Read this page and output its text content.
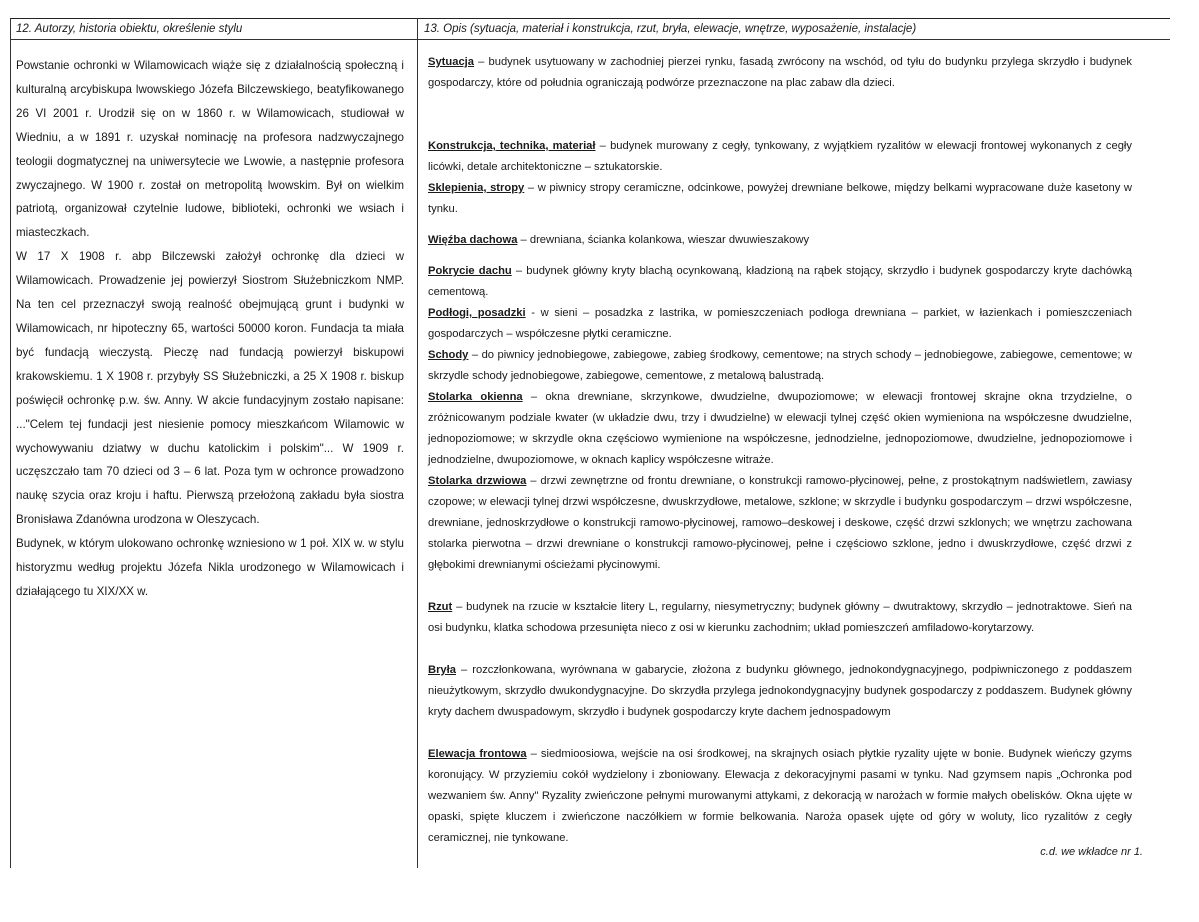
12. Autorzy, historia obiektu, określenie stylu	13. Opis (sytuacja, materiał i konstrukcja, rzut, bryła, elewacje, wnętrze, wyposażenie, instalacje)

Powstanie ochronki w Wilamowicach wiąże się z działalnością społeczną i kulturalną arcybiskupa lwowskiego Józefa Bilczewskiego, beatyfikowanego 26 VI 2001 r. Urodził się on w 1860 r. w Wilamowicach, studiował w Wiedniu, a w 1891 r. uzyskał nominację na profesora nadzwyczajnego teologii dogmatycznej na uniwersytecie we Lwowie, a następnie profesora zwyczajnego. W 1900 r. został on metropolitą lwowskim. Był on wielkim patriotą, organizował czytelnie ludowe, biblioteki, ochronki we wsiach i miasteczkach.

W 17 X 1908 r. abp Bilczewski założył ochronkę dla dzieci w Wilamowicach. Prowadzenie jej powierzył Siostrom Służebniczkom NMP. Na ten cel przeznaczył swoją realność obejmującą grunt i budynki w Wilamowicach, nr hipoteczny 65, wartości 50000 koron. Fundacja ta miała być fundacją wieczystą. Pieczę nad fundacją powierzył biskupowi krakowskiemu. 1 X 1908 r. przybyły SS Służebniczki, a 25 X 1908 r. biskup poświęcił ochronkę p.w. św. Anny. W akcie fundacyjnym zostało napisane: ..."Celem tej fundacji jest niesienie pomocy mieszkańcom Wilamowic w wychowywaniu dziatwy w duchu katolickim i polskim"... W 1909 r. uczęszczało tam 70 dzieci od 3 – 6 lat. Poza tym w ochronce prowadzono naukę szycia oraz kroju i haftu. Pierwszą przełożoną zakładu była siostra Bronisława Zdanówna urodzona w Oleszycach.

Budynek, w którym ulokowano ochronkę wzniesiono w 1 poł. XIX w. w stylu historyzmu według projektu Józefa Nikla urodzonego w Wilamowicach i działającego tu XIX/XX w.

Sytuacja – budynek usytuowany w zachodniej pierzei rynku, fasadą zwrócony na wschód, od tyłu do budynku przylega skrzydło i budynek gospodarczy, które od południa ograniczają podwórze przeznaczone na plac zabaw dla dzieci.

Konstrukcja, technika, materiał – budynek murowany z cegły, tynkowany, z wyjątkiem ryzalitów w elewacji frontowej wykonanych z cegły licówki, detale architektoniczne – sztukatorskie.

Sklepienia, stropy – w piwnicy stropy ceramiczne, odcinkowe, powyżej drewniane belkowe, między belkami wypracowane duże kasetony w tynku.

Więźba dachowa – drewniana, ścianka kolankowa, wieszar dwuwieszakowy

Pokrycie dachu – budynek główny kryty blachą ocynkowaną, kładzioną na rąbek stojący, skrzydło i budynek gospodarczy kryte dachówką cementową.

Podłogi, posadzki - w sieni – posadzka z lastrika, w pomieszczeniach podłoga drewniana – parkiet, w łazienkach i pomieszczeniach gospodarczych – współczesne płytki ceramiczne.

Schody – do piwnicy jednobiegowe, zabiegowe, zabieg środkowy, cementowe; na strych schody – jednobiegowe, zabiegowe, cementowe; w skrzydle schody jednobiegowe, zabiegowe, cementowe, z metalową balustradą.

Stolarka okienna – okna drewniane, skrzynkowe, dwudzielne, dwupoziomowe; w elewacji frontowej skrajne okna trzydzielne, o zróżnicowanym podziale kwater (w układzie dwu, trzy i dwudzielne) w elewacji tylnej część okien wymieniona na współczesne dwudzielne, jednopoziomowe; w skrzydle okna częściowo wymienione na współczesne, jednodzielne, jednopoziomowe, dwudzielne, jednopoziomowe i jednodzielne, dwupoziomowe, w oknach kaplicy współczesne witraże.

Stolarka drzwiowa – drzwi zewnętrzne od frontu drewniane, o konstrukcji ramowo-płycinowej, pełne, z prostokątnym nadświetlem, zawiasy czopowe; w elewacji tylnej drzwi współczesne, dwuskrzydłowe, metalowe, szklone; w skrzydle i budynku gospodarczym – drzwi współczesne, drewniane, jednoskrzydłowe o konstrukcji ramowo-płycinowej, ramowo–deskowej i deskowe, część drzwi szklonych; we wnętrzu zachowana stolarka pierwotna – drzwi drewniane o konstrukcji ramowo-płycinowej, pełne i częściowo szklone, jedno i dwuskrzydłowe, część drzwi z głębokimi drewnianymi ościeżami płycinowymi.

Rzut – budynek na rzucie w kształcie litery L, regularny, niesymetryczny; budynek główny – dwutraktowy, skrzydło – jednotraktowe. Sień na osi budynku, klatka schodowa przesunięta nieco z osi w kierunku zachodnim; układ pomieszczeń amfiladowo-korytarzowy.

Bryła – rozczłonkowana, wyrównana w gabarycie, złożona z budynku głównego, jednokondygnacyjnego, podpiwniczonego z poddaszem nieużytkowym, skrzydło dwukondygnacyjne. Do skrzydła przylega jednokondygnacyjny budynek gospodarczy z poddaszem. Budynek główny kryty dachem dwuspadowym, skrzydło i budynek gospodarczy kryte dachem jednospadowym

Elewacja frontowa – siedmioosiowa, wejście na osi środkowej, na skrajnych osiach płytkie ryzality ujęte w bonie. Budynek wieńczy gzyms koronujący. W przyziemiu cokół wydzielony i zboniowany. Elewacja z dekoracyjnymi pasami w tynku. Nad gzymsem napis „Ochronka pod wezwaniem św. Anny" Ryzality zwieńczone pełnymi murowanymi attykami, z dekoracją w narożach w formie małych obelisków. Okna ujęte w opaski, spięte kluczem i zwieńczone naczółkiem w formie belkowania. Naroża opasek ujęte od góry w woluty, lico ryzalitów z cegły ceramicznej, nie tynkowane.

c.d. we wkładce nr 1.
